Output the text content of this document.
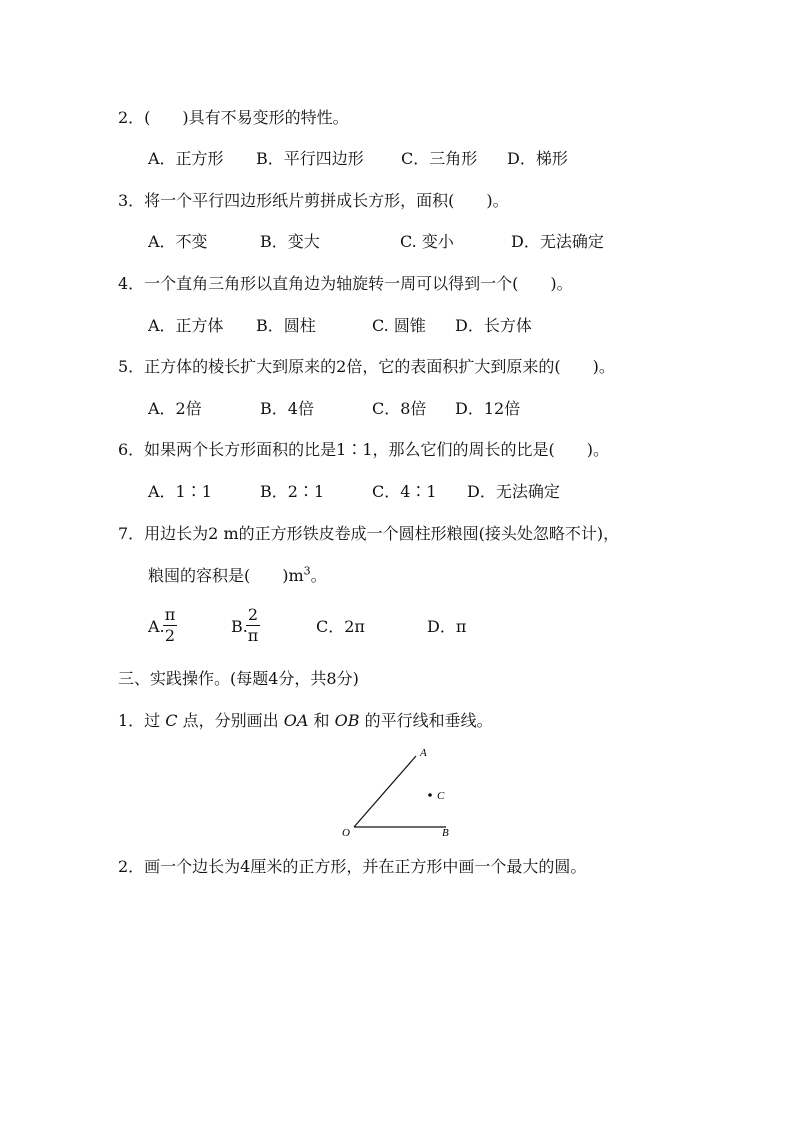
2．(　　)具有不易变形的特性。
A．正方形 B．平行四边形 C．三角形 D．梯形
3．将一个平行四边形纸片剪拼成长方形，面积(　　)。
A．不变	B．变大	C. 变小	D．无法确定
4．一个直角三角形以直角边为轴旋转一周可以得到一个(　　)。
A．正方体 B．圆柱	C. 圆锥 D．长方体
5．正方体的棱长扩大到原来的2倍，它的表面积扩大到原来的(　　)。
A．2倍	B．4倍	C．8倍 D．12倍
6．如果两个长方形面积的比是1∶1，那么它们的周长的比是(　　)。
A．1∶1	B．2∶1	C．4∶1 D．无法确定
7．用边长为2 m的正方形铁皮卷成一个圆柱形粮囤(接头处忽略不计)，
粮囤的容积是(　　)$m^3$。
A.
$\frac{\pi}{2}$	B.
$\frac{2}{\pi}$	C．2π	D．π
三、实践操作。(每题4分，共8分)
1．过 C 点，分别画出 OA 和 OB 的平行线和垂线。
A
O	B
C
2．画一个边长为4厘米的正方形，并在正方形中画一个最大的圆。
